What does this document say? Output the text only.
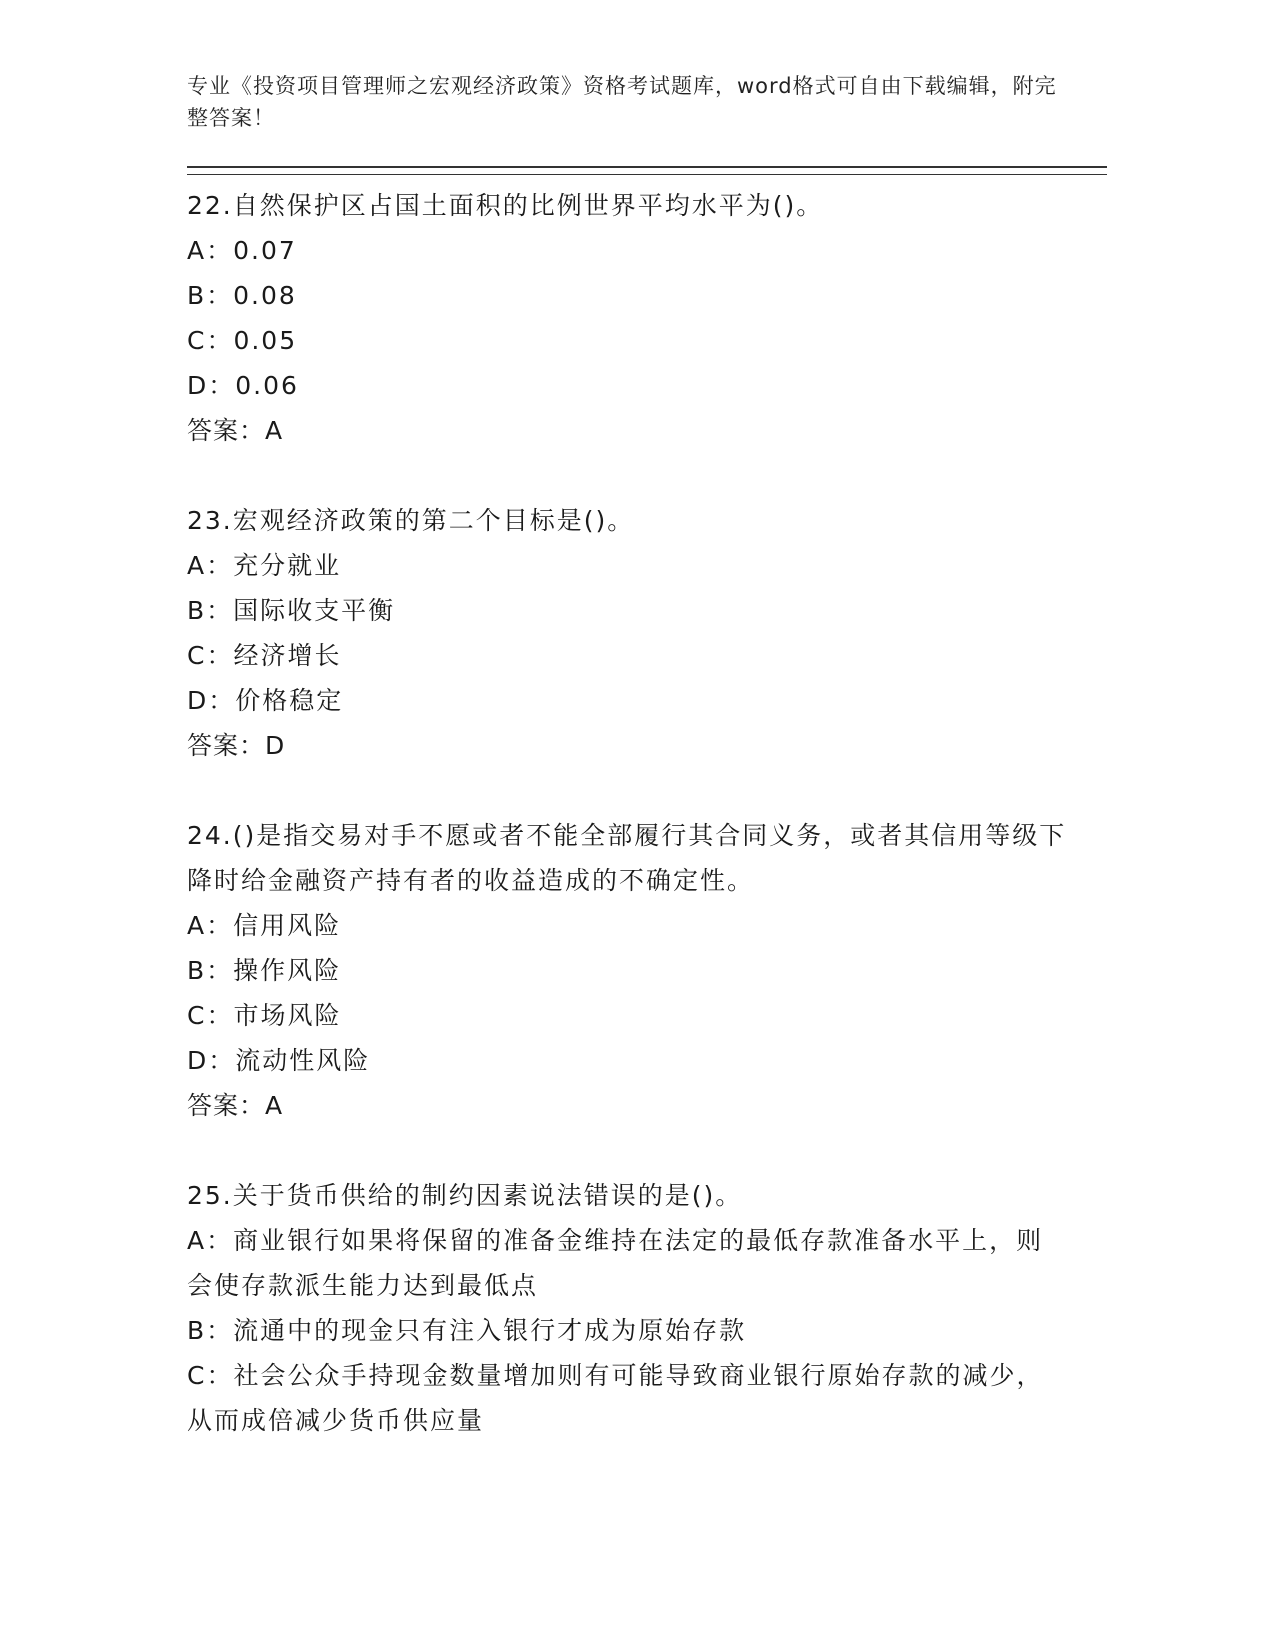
专业《投资项目管理师之宏观经济政策》资格考试题库，word格式可自由下载编辑，附完整答案！

22.自然保护区占国土面积的比例世界平均水平为()。

A：0.07

B：0.08

C：0.05

D：0.06

答案：A

23.宏观经济政策的第二个目标是()。

A：充分就业

B：国际收支平衡

C：经济增长

D：价格稳定

答案：D

24.()是指交易对手不愿或者不能全部履行其合同义务，或者其信用等级下降时给金融资产持有者的收益造成的不确定性。

A：信用风险

B：操作风险

C：市场风险

D：流动性风险

答案：A

25.关于货币供给的制约因素说法错误的是()。

A：商业银行如果将保留的准备金维持在法定的最低存款准备水平上，则会使存款派生能力达到最低点

B：流通中的现金只有注入银行才成为原始存款

C：社会公众手持现金数量增加则有可能导致商业银行原始存款的减少，从而成倍减少货币供应量
